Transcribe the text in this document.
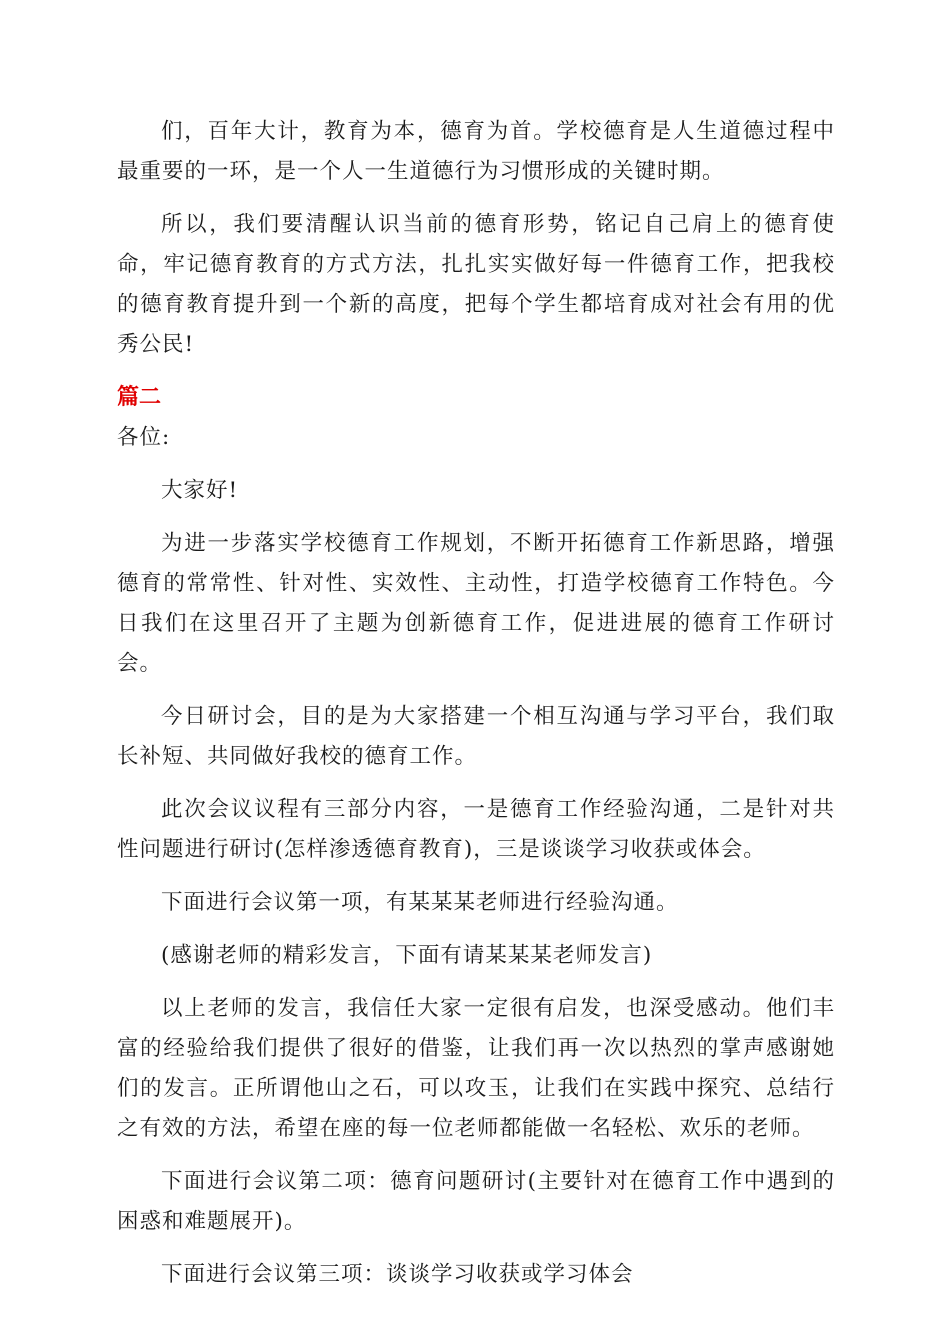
们，百年大计，教育为本，德育为首。学校德育是人生道德过程中最重要的一环，是一个人一生道德行为习惯形成的关键时期。

所以，我们要清醒认识当前的德育形势，铭记自己肩上的德育使命，牢记德育教育的方式方法，扎扎实实做好每一件德育工作，把我校的德育教育提升到一个新的高度，把每个学生都培育成对社会有用的优秀公民!

篇二

各位:

大家好!

为进一步落实学校德育工作规划，不断开拓德育工作新思路，增强德育的常常性、针对性、实效性、主动性，打造学校德育工作特色。今日我们在这里召开了主题为创新德育工作，促进进展的德育工作研讨会。

今日研讨会，目的是为大家搭建一个相互沟通与学习平台，我们取长补短、共同做好我校的德育工作。

此次会议议程有三部分内容，一是德育工作经验沟通，二是针对共性问题进行研讨(怎样渗透德育教育)，三是谈谈学习收获或体会。

下面进行会议第一项，有某某某老师进行经验沟通。

(感谢老师的精彩发言，下面有请某某某老师发言)

以上老师的发言，我信任大家一定很有启发，也深受感动。他们丰富的经验给我们提供了很好的借鉴，让我们再一次以热烈的掌声感谢她们的发言。正所谓他山之石，可以攻玉，让我们在实践中探究、总结行之有效的方法，希望在座的每一位老师都能做一名轻松、欢乐的老师。

下面进行会议第二项：德育问题研讨(主要针对在德育工作中遇到的困惑和难题展开)。

下面进行会议第三项：谈谈学习收获或学习体会
